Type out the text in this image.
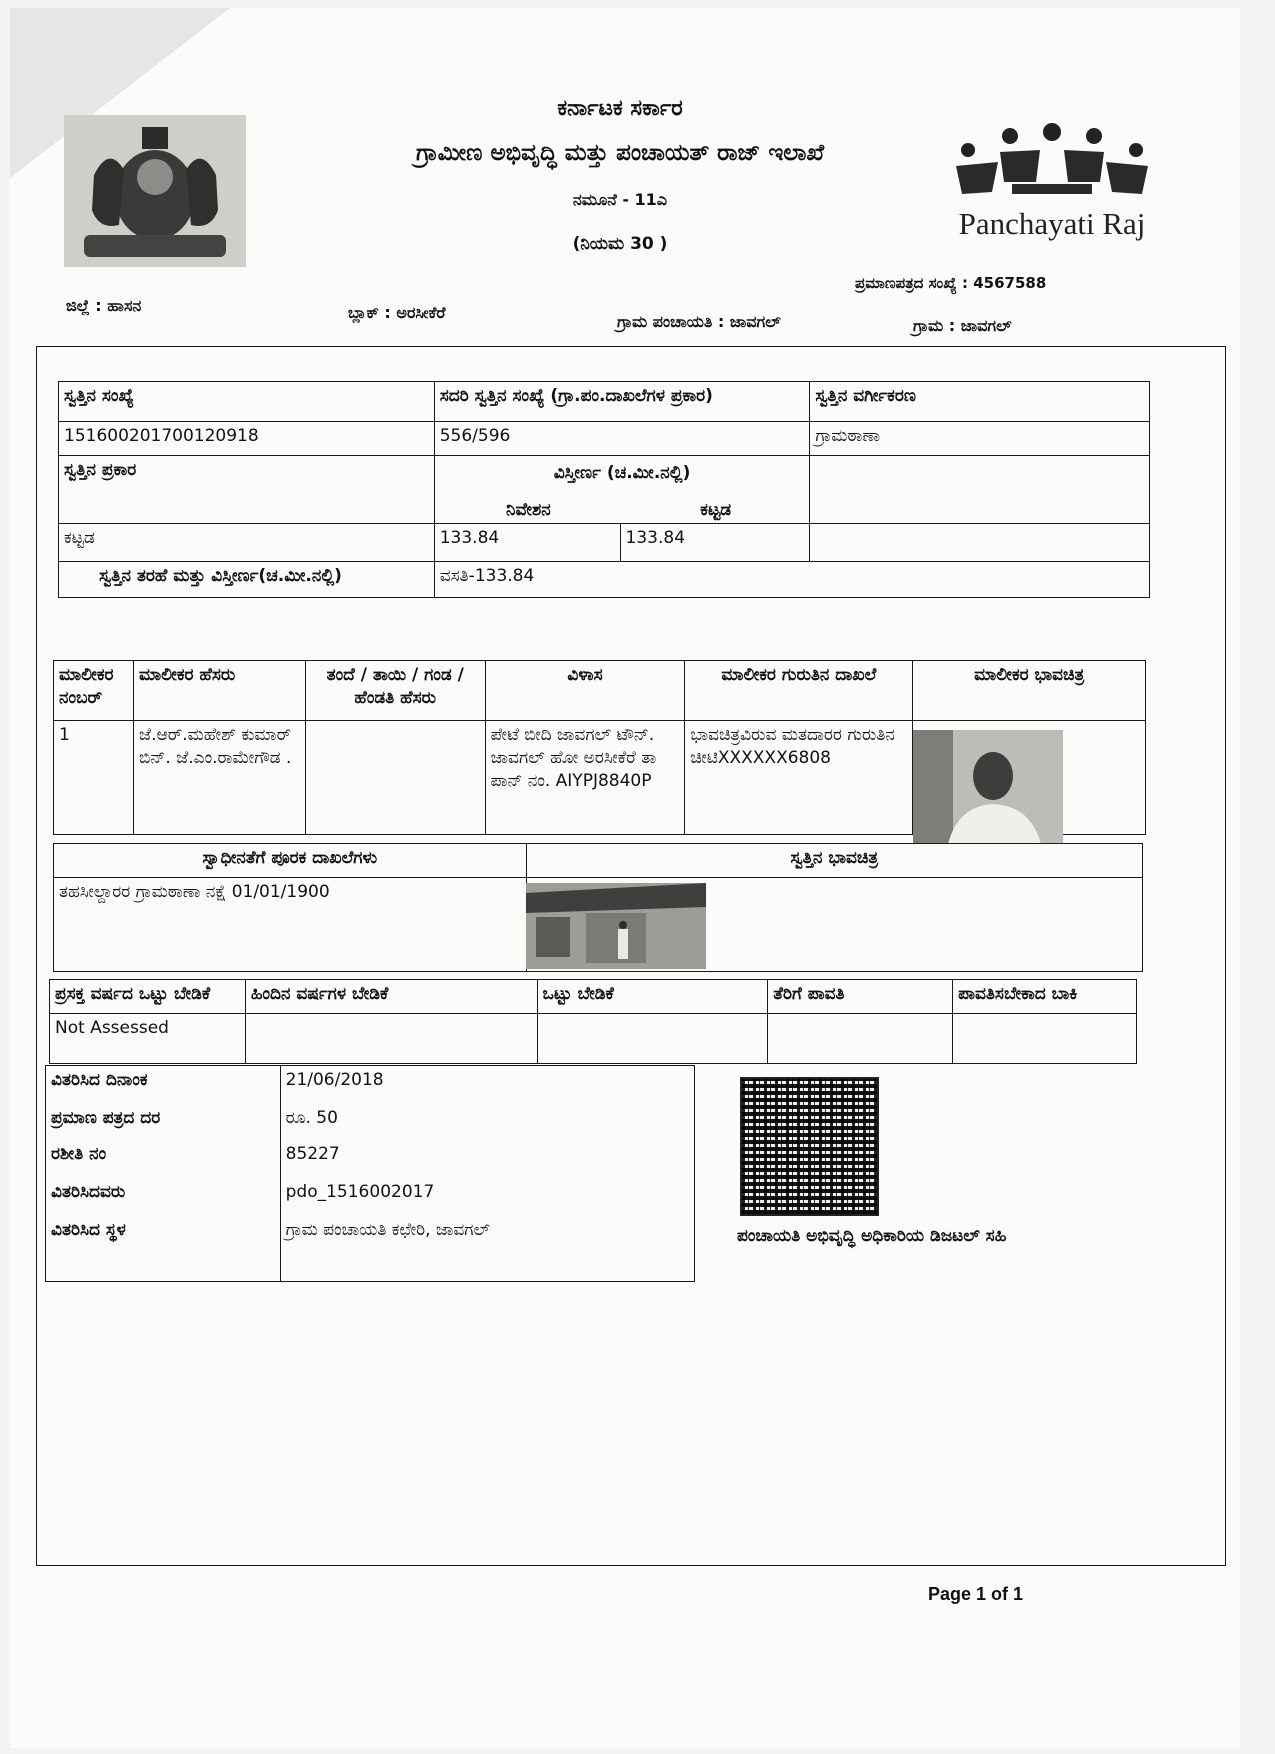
ಕರ್ನಾಟಕ ಸರ್ಕಾರ
ಗ್ರಾಮೀಣ ಅಭಿವೃದ್ಧಿ ಮತ್ತು ಪಂಚಾಯತ್ ರಾಜ್ ಇಲಾಖೆ
ನಮೂನೆ - 11ಎ
(ನಿಯಮ 30 )
Panchayati Raj
ಪ್ರಮಾಣಪತ್ರದ ಸಂಖ್ಯೆ : 4567588
ಜಿಲ್ಲೆ : ಹಾಸನ	ಬ್ಲಾಕ್ : ಅರಸೀಕೆರೆ	ಗ್ರಾಮ ಪಂಚಾಯತಿ : ಜಾವಗಲ್	ಗ್ರಾಮ : ಜಾವಗಲ್
ಸ್ವತ್ತಿನ ಸಂಖ್ಯೆ	ಸದರಿ ಸ್ವತ್ತಿನ ಸಂಖ್ಯೆ (ಗ್ರಾ.ಪಂ.ದಾಖಲೆಗಳ ಪ್ರಕಾರ)		ಸ್ವತ್ತಿನ ವರ್ಗೀಕರಣ
151600201700120918	556/596		ಗ್ರಾಮಠಾಣಾ
ಸ್ವತ್ತಿನ ಪ್ರಕಾರ	ವಿಸ್ತೀರ್ಣ (ಚ.ಮೀ.ನಲ್ಲಿ)
ನಿವೇಶನ ಕಟ್ಟಡ		

ಕಟ್ಟಡ	133.84	133.84	
ಸ್ವತ್ತಿನ ತರಹೆ ಮತ್ತು ವಿಸ್ತೀರ್ಣ(ಚ.ಮೀ.ನಲ್ಲಿ)	ವಸತಿ-133.84		
ಮಾಲೀಕರ ನಂಬರ್	ಮಾಲೀಕರ ಹೆಸರು	ತಂದೆ / ತಾಯಿ / ಗಂಡ / ಹೆಂಡತಿ ಹೆಸರು	ವಿಳಾಸ	ಮಾಲೀಕರ ಗುರುತಿನ ದಾಖಲೆ	ಮಾಲೀಕರ ಭಾವಚಿತ್ರ
1	ಜೆ.ಆರ್.ಮಹೇಶ್ ಕುಮಾರ್ ಬಿನ್. ಜೆ.ಎಂ.ರಾಮೇಗೌಡ .		ಪೇಟೆ ಬೀದಿ ಜಾವಗಲ್ ಟೌನ್. ಜಾವಗಲ್ ಹೋ ಅರಸೀಕೆರೆ ತಾ ಪಾನ್ ನಂ. AIYPJ8840P	ಭಾವಚಿತ್ರವಿರುವ ಮತದಾರರ ಗುರುತಿನ ಚೀಟಿXXXXXX6808	
ಸ್ವಾಧೀನತೆಗೆ ಪೂರಕ ದಾಖಲೆಗಳು	ಸ್ವತ್ತಿನ ಭಾವಚಿತ್ರ
ತಹಸೀಲ್ದಾರರ ಗ್ರಾಮಠಾಣಾ ನಕ್ಷೆ 01/01/1900	
ಪ್ರಸಕ್ತ ವರ್ಷದ ಒಟ್ಟು ಬೇಡಿಕೆ	ಹಿಂದಿನ ವರ್ಷಗಳ ಬೇಡಿಕೆ	ಒಟ್ಟು ಬೇಡಿಕೆ	ತೆರಿಗೆ ಪಾವತಿ	ಪಾವತಿಸಬೇಕಾದ ಬಾಕಿ
Not Assessed				
ವಿತರಿಸಿದ ದಿನಾಂಕ	21/06/2018
ಪ್ರಮಾಣ ಪತ್ರದ ದರ	ರೂ. 50
ರಶೀತಿ ನಂ	85227
ವಿತರಿಸಿದವರು	pdo_1516002017
ವಿತರಿಸಿದ ಸ್ಥಳ	ಗ್ರಾಮ ಪಂಚಾಯತಿ ಕಛೇರಿ, ಜಾವಗಲ್	ಪಂಚಾಯತಿ ಅಭಿವೃದ್ಧಿ ಅಧಿಕಾರಿಯ ಡಿಜಟಲ್ ಸಹಿ
Page 1 of 1
